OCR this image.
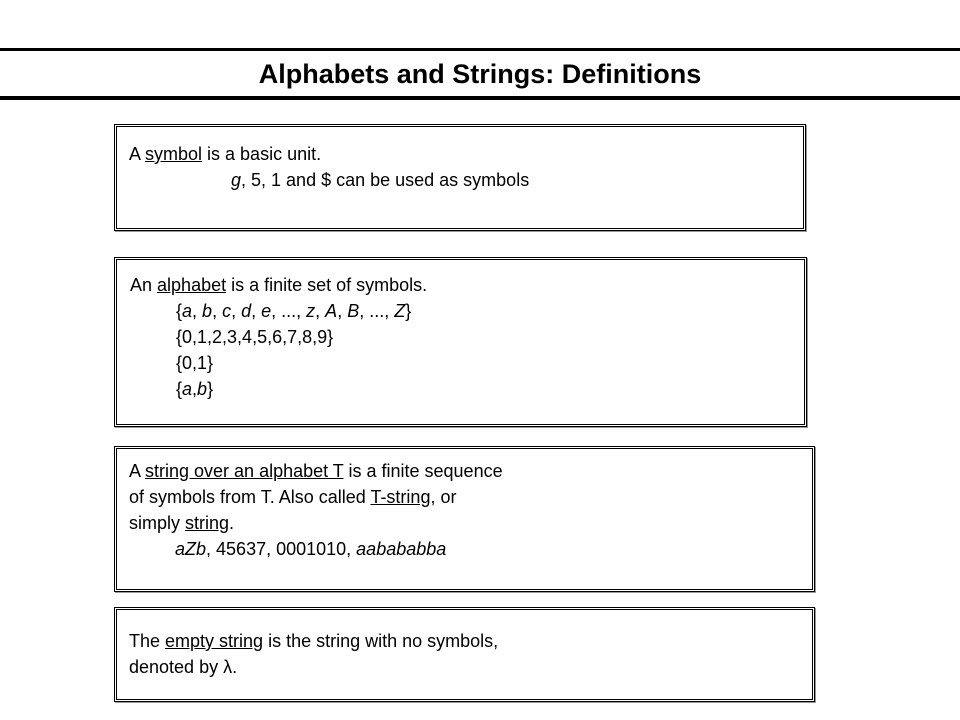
Alphabets and Strings: Definitions

A symbol is a basic unit.

g, 5, 1 and $ can be used as symbols

An alphabet is a finite set of symbols.

{a, b, c, d, e, ..., z, A, B, ..., Z}

{0,1,2,3,4,5,6,7,8,9}

{0,1}

{a,b}

A string over an alphabet T is a finite sequence

of symbols from T. Also called T-string, or

simply string.

aZb, 45637, 0001010, aabababba

The empty string is the string with no symbols,

denoted by λ.
